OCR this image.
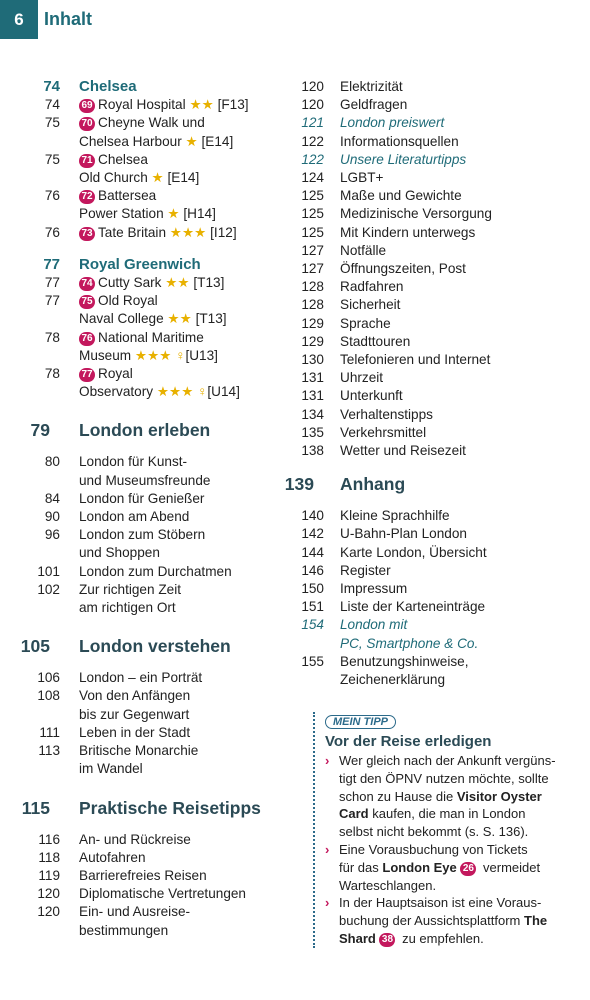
6	Inhalt
74 Chelsea
74 69 Royal Hospital ★★ [F13]
75 70 Cheyne Walk und
Chelsea Harbour ★ [E14]
75 71 Chelsea
Old Church ★ [E14]
76 72 Battersea
Power Station ★ [H14]
76 73 Tate Britain ★★★ [I12]
77 Royal Greenwich
77 74 Cutty Sark ★★ [T13]
77 75 Old Royal
Naval College ★★ [T13]
78 76 National Maritime
Museum ★★★ ♀[U13]
78 77 Royal
Observatory ★★★ ♀[U14]
79 London erleben
80 London für Kunst-
und Museumsfreunde
84 London für Genießer
90 London am Abend
96 London zum Stöbern
und Shoppen
101 London zum Durchatmen
102 Zur richtigen Zeit
am richtigen Ort
105 London verstehen
106 London – ein Porträt
108 Von den Anfängen
bis zur Gegenwart
111 Leben in der Stadt
113 Britische Monarchie
im Wandel
115 Praktische Reisetipps
116 An- und Rückreise
118 Autofahren
119 Barrierefreies Reisen
120 Diplomatische Vertretungen
120 Ein- und Ausreise-
bestimmungen
120 Elektrizität
120 Geldfragen
121 London preiswert
122 Informationsquellen
122 Unsere Literaturtipps
124 LGBT+
125 Maße und Gewichte
125 Medizinische Versorgung
125 Mit Kindern unterwegs
127 Notfälle
127 Öffnungszeiten, Post
128 Radfahren
128 Sicherheit
129 Sprache
129 Stadttouren
130 Telefonieren und Internet
131 Uhrzeit
131 Unterkunft
134 Verhaltenstipps
135 Verkehrsmittel
138 Wetter und Reisezeit
139 Anhang
140 Kleine Sprachhilfe
142 U-Bahn-Plan London
144 Karte London, Übersicht
146 Register
150 Impressum
151 Liste der Karteneinträge
154 London mit
PC, Smartphone & Co.
155 Benutzungshinweise,
Zeichenerklärung
MEIN TIPP
Vor der Reise erledigen
› Wer gleich nach der Ankunft vergüns-
tigt den ÖPNV nutzen möchte, sollte
schon zu Hause die Visitor Oyster
Card kaufen, die man in London
selbst nicht bekommt (s. S. 136).
› Eine Vorausbuchung von Tickets
für das London Eye 26 vermeidet
Warteschlangen.
› In der Hauptsaison ist eine Voraus-
buchung der Aussichtsplattform The
Shard 38 zu empfehlen.
